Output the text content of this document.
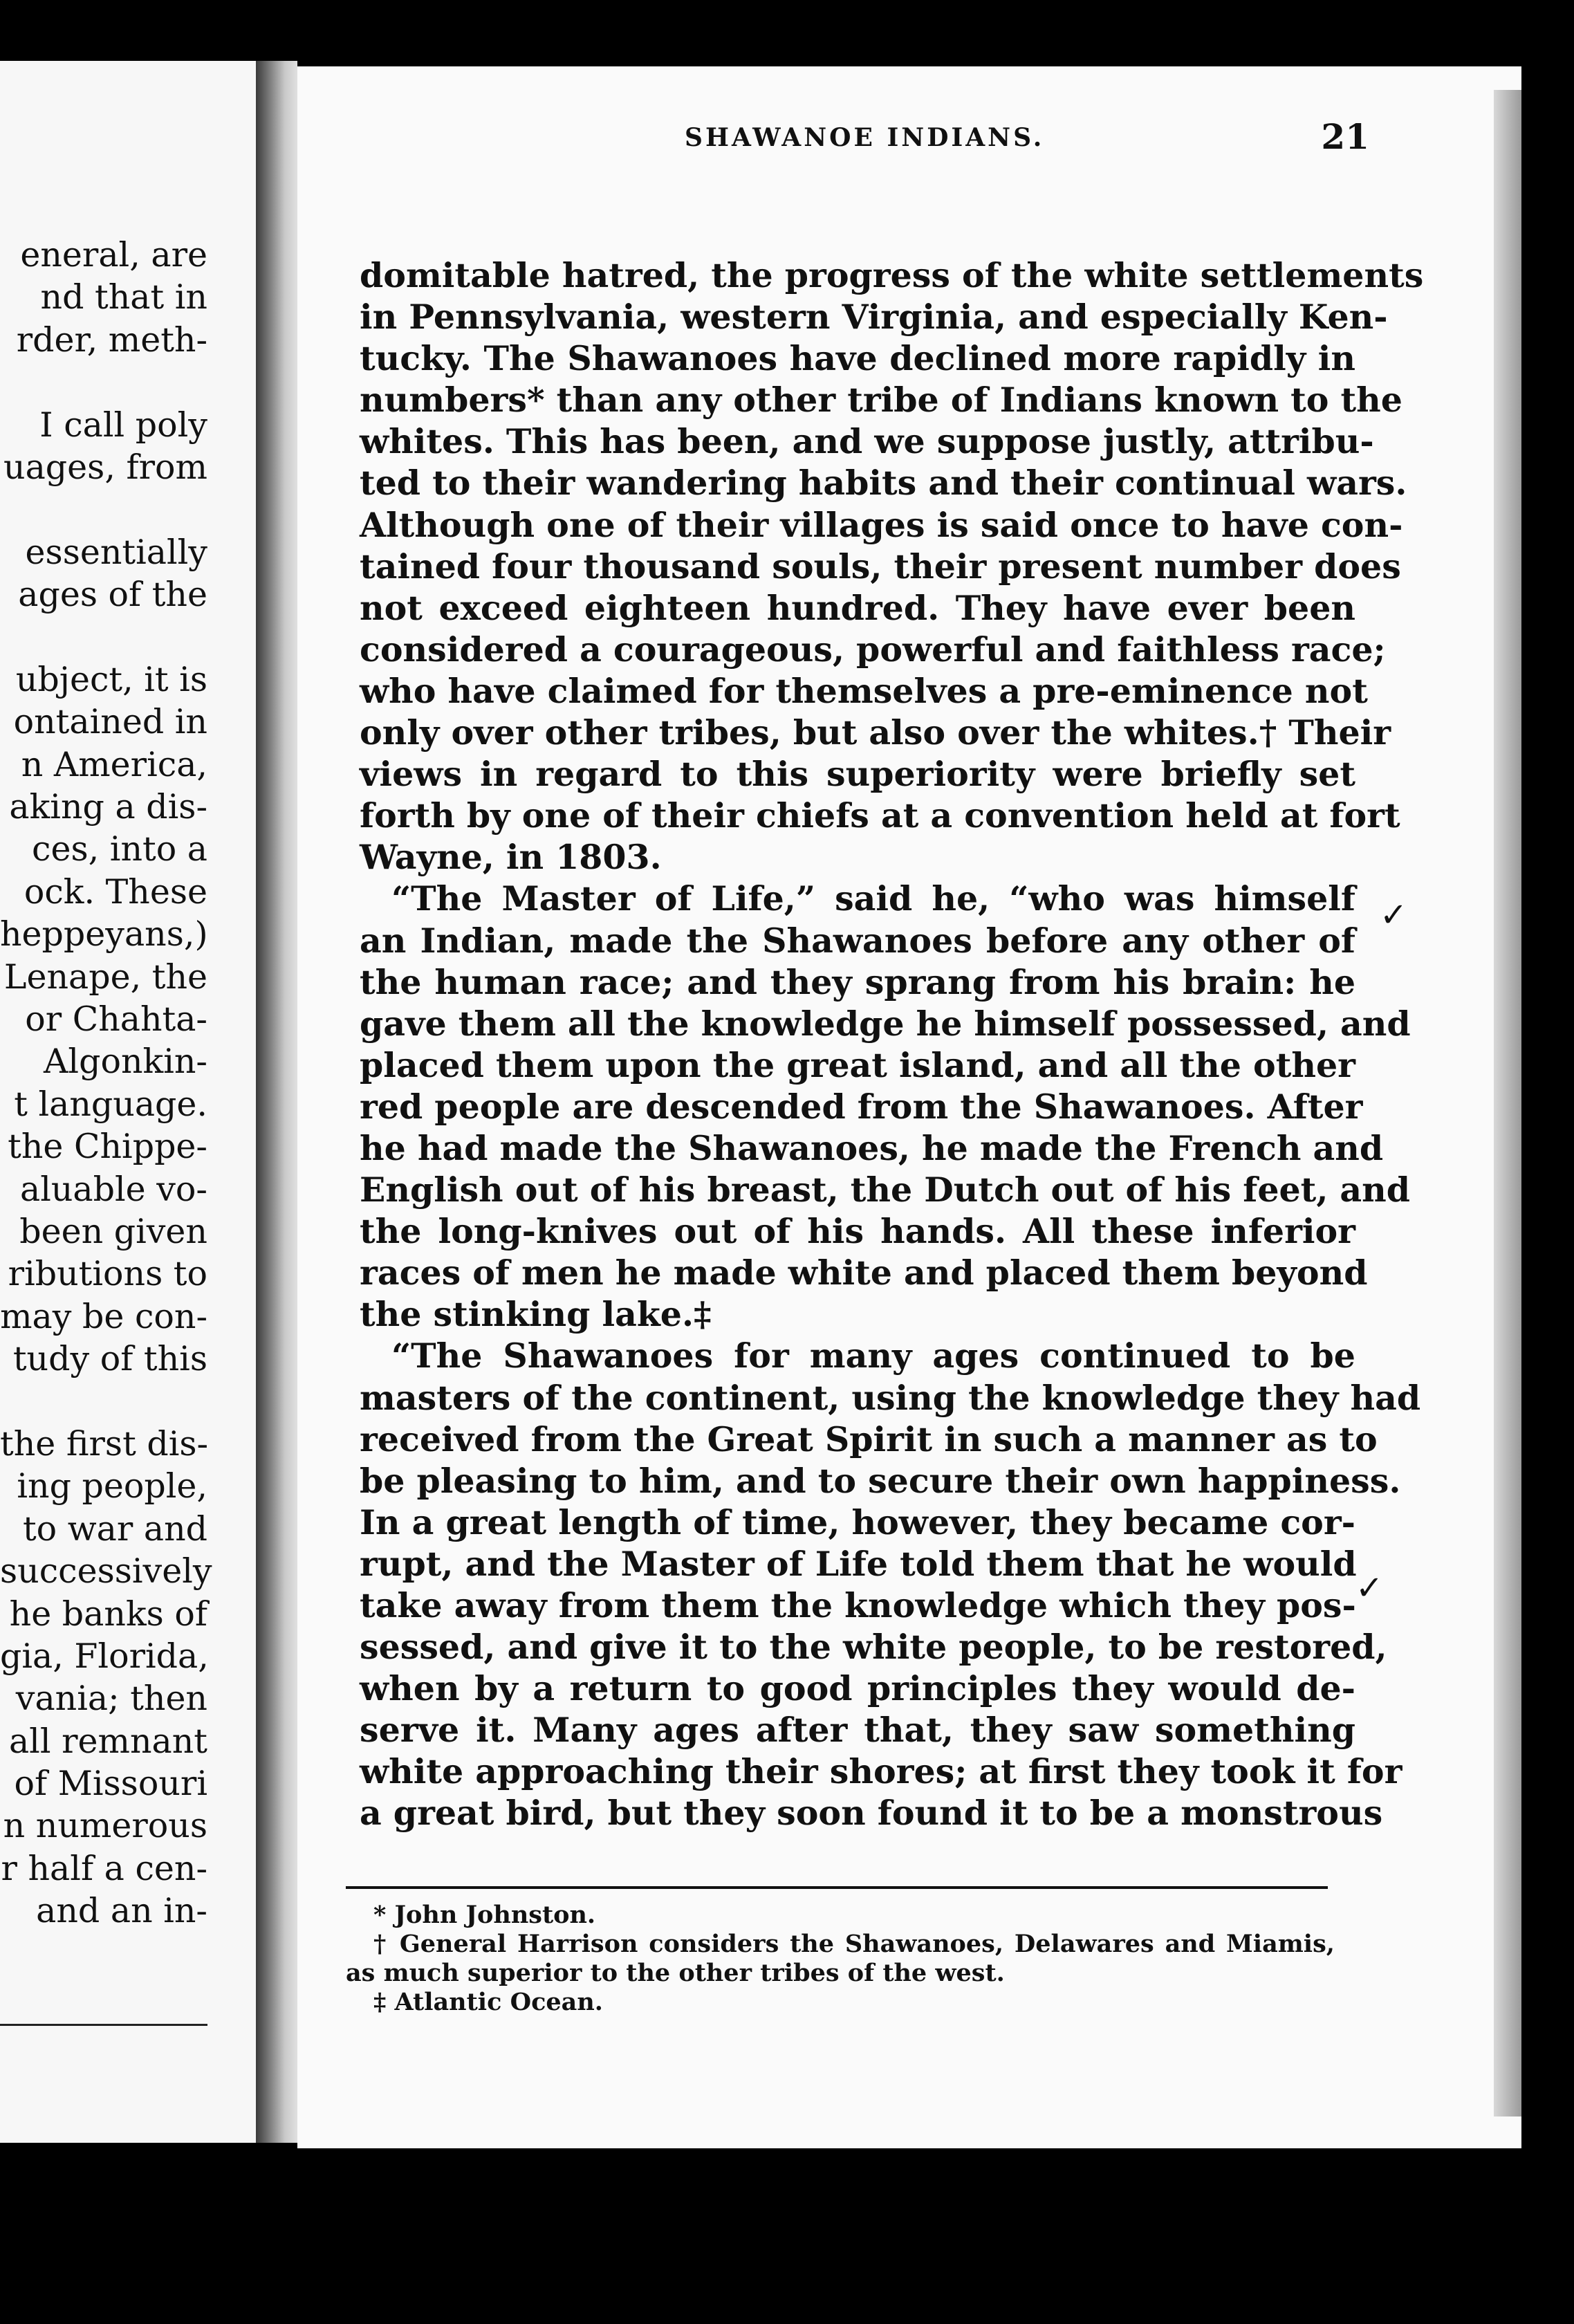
eneral, are
nd that in
rder, meth-
I call poly
uages, from
essentially
ages of the
ubject, it is
ontained in
n America,
aking a dis-
ces, into a
ock. These
heppeyans,)
Lenape, the
or Chahta-
Algonkin-
t language.
the Chippe-
aluable vo-
been given
ributions to
may be con-
tudy of this
the first dis-
ing people,
to war and
successively
he banks of
gia, Florida,
vania; then
all remnant
of Missouri
n numerous
r half a cen-
and an in-
SHAWANOE INDIANS.	21
domitable hatred, the progress of the white settlements
in Pennsylvania, western Virginia, and especially Ken-
tucky. The Shawanoes have declined more rapidly in
numbers* than any other tribe of Indians known to the
whites. This has been, and we suppose justly, attribu-
ted to their wandering habits and their continual wars.
Although one of their villages is said once to have con-
tained four thousand souls, their present number does
not exceed eighteen hundred. They have ever been
considered a courageous, powerful and faithless race;
who have claimed for themselves a pre-eminence not
only over other tribes, but also over the whites.† Their
views in regard to this superiority were briefly set
forth by one of their chiefs at a convention held at fort
Wayne, in 1803.
“The Master of Life,” said he, “who was himself
an Indian, made the Shawanoes before any other of
the human race; and they sprang from his brain: he
gave them all the knowledge he himself possessed, and
placed them upon the great island, and all the other
red people are descended from the Shawanoes. After
he had made the Shawanoes, he made the French and
English out of his breast, the Dutch out of his feet, and
the long-knives out of his hands. All these inferior
races of men he made white and placed them beyond
the stinking lake.‡
“The Shawanoes for many ages continued to be
masters of the continent, using the knowledge they had
received from the Great Spirit in such a manner as to
be pleasing to him, and to secure their own happiness.
In a great length of time, however, they became cor-
rupt, and the Master of Life told them that he would
take away from them the knowledge which they pos-
sessed, and give it to the white people, to be restored,
when by a return to good principles they would de-
serve it. Many ages after that, they saw something
white approaching their shores; at first they took it for
a great bird, but they soon found it to be a monstrous
✓
✓
* John Johnston.
† General Harrison considers the Shawanoes, Delawares and Miamis,
as much superior to the other tribes of the west.
‡ Atlantic Ocean.
